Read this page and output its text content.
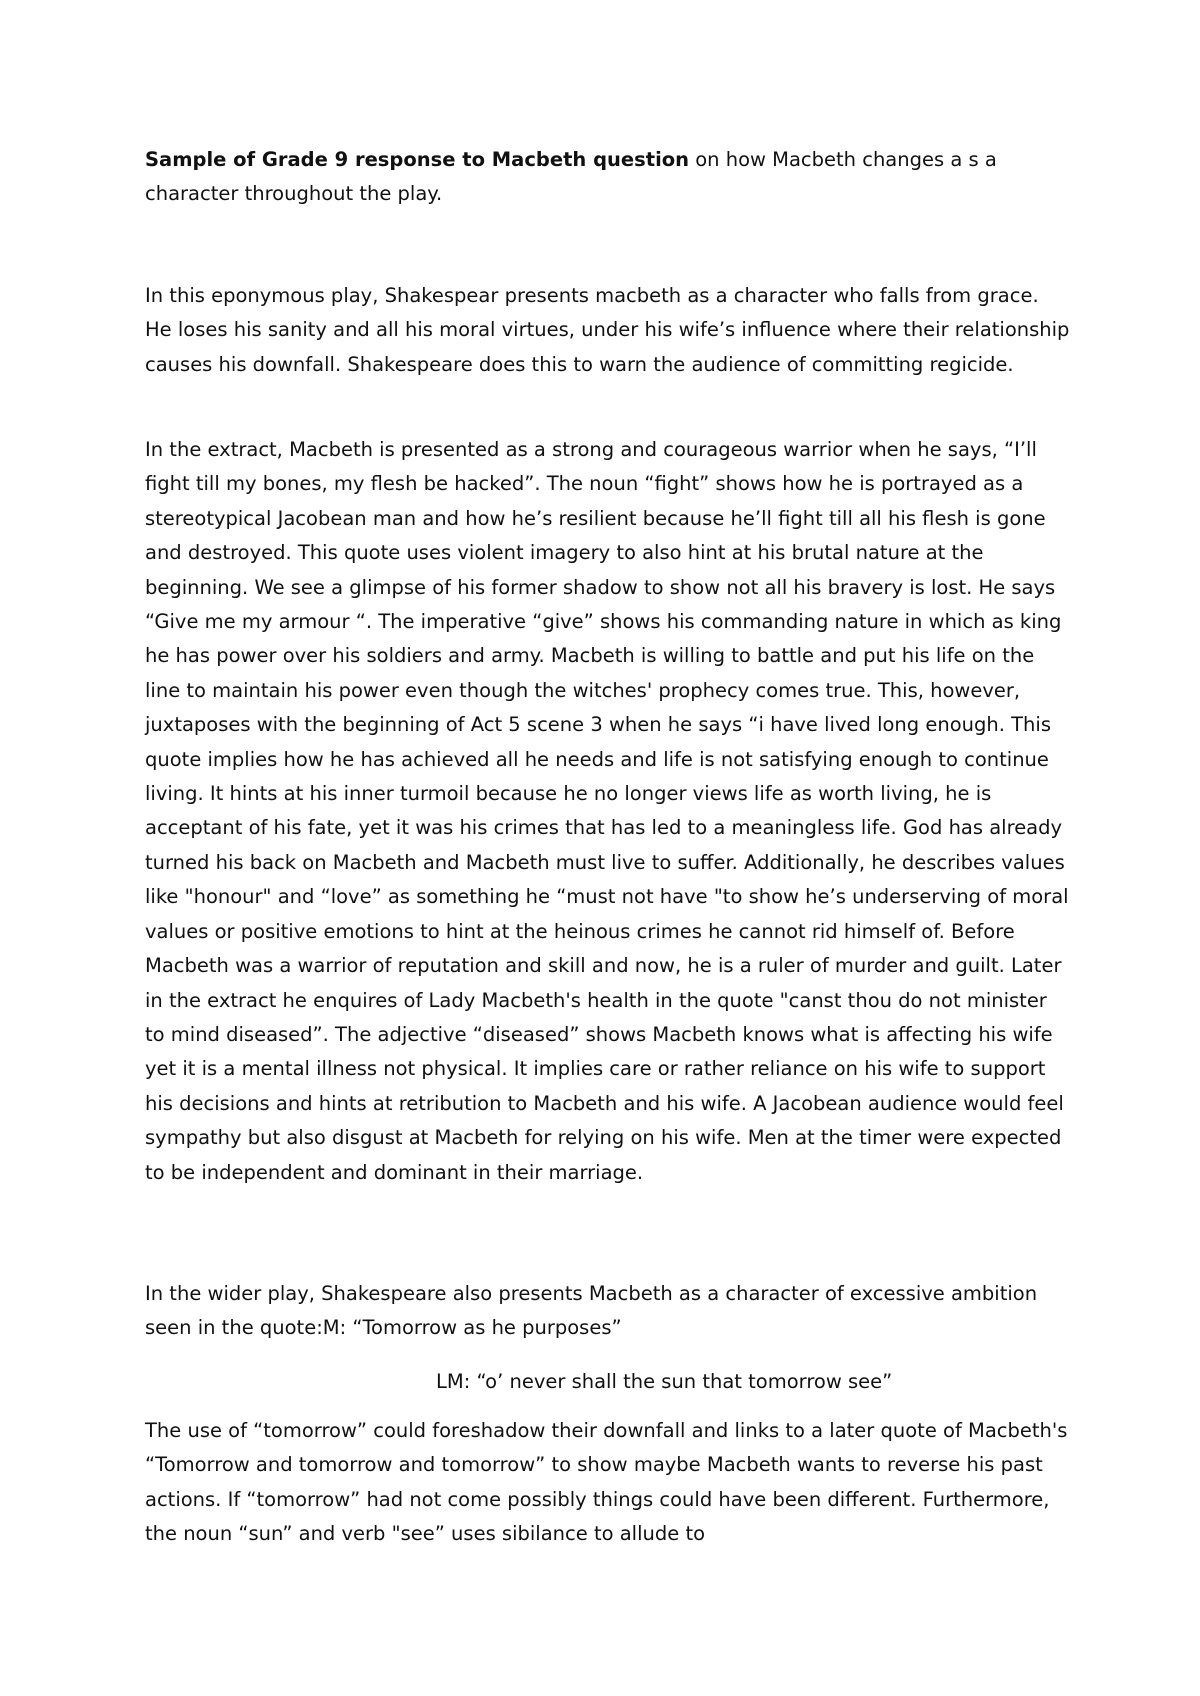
Sample of Grade 9 response to Macbeth question on how Macbeth changes a s a character throughout the play.

In this eponymous play, Shakespear presents macbeth as a character who falls from grace. He loses his sanity and all his moral virtues, under his wife’s influence where their relationship causes his downfall. Shakespeare does this to warn the audience of committing regicide.

In the extract, Macbeth is presented as a strong and courageous warrior when he says, “I’ll fight till my bones, my flesh be hacked”. The noun “fight” shows how he is portrayed as a stereotypical Jacobean man and how he’s resilient because he’ll fight till all his flesh is gone and destroyed. This quote uses violent imagery to also hint at his brutal nature at the beginning. We see a glimpse of his former shadow to show not all his bravery is lost. He says “Give me my armour “. The imperative “give” shows his commanding nature in which as king he has power over his soldiers and army. Macbeth is willing to battle and put his life on the line to maintain his power even though the witches' prophecy comes true. This, however, juxtaposes with the beginning of Act 5 scene 3 when he says “i have lived long enough. This quote implies how he has achieved all he needs and life is not satisfying enough to continue living. It hints at his inner turmoil because he no longer views life as worth living, he is acceptant of his fate, yet it was his crimes that has led to a meaningless life. God has already turned his back on Macbeth and Macbeth must live to suffer. Additionally, he describes values like "honour" and “love” as something he “must not have "to show he’s underserving of moral values or positive emotions to hint at the heinous crimes he cannot rid himself of. Before Macbeth was a warrior of reputation and skill and now, he is a ruler of murder and guilt. Later in the extract he enquires of Lady Macbeth's health in the quote "canst thou do not minister to mind diseased”. The adjective “diseased” shows Macbeth knows what is affecting his wife yet it is a mental illness not physical. It implies care or rather reliance on his wife to support his decisions and hints at retribution to Macbeth and his wife. A Jacobean audience would feel sympathy but also disgust at Macbeth for relying on his wife. Men at the timer were expected to be independent and dominant in their marriage.

In the wider play, Shakespeare also presents Macbeth as a character of excessive ambition seen in the quote:M: “Tomorrow as he purposes”

LM: “o’ never shall the sun that tomorrow see”

The use of “tomorrow” could foreshadow their downfall and links to a later quote of Macbeth's “Tomorrow and tomorrow and tomorrow” to show maybe Macbeth wants to reverse his past actions. If “tomorrow” had not come possibly things could have been different. Furthermore, the noun “sun” and verb "see” uses sibilance to allude to
